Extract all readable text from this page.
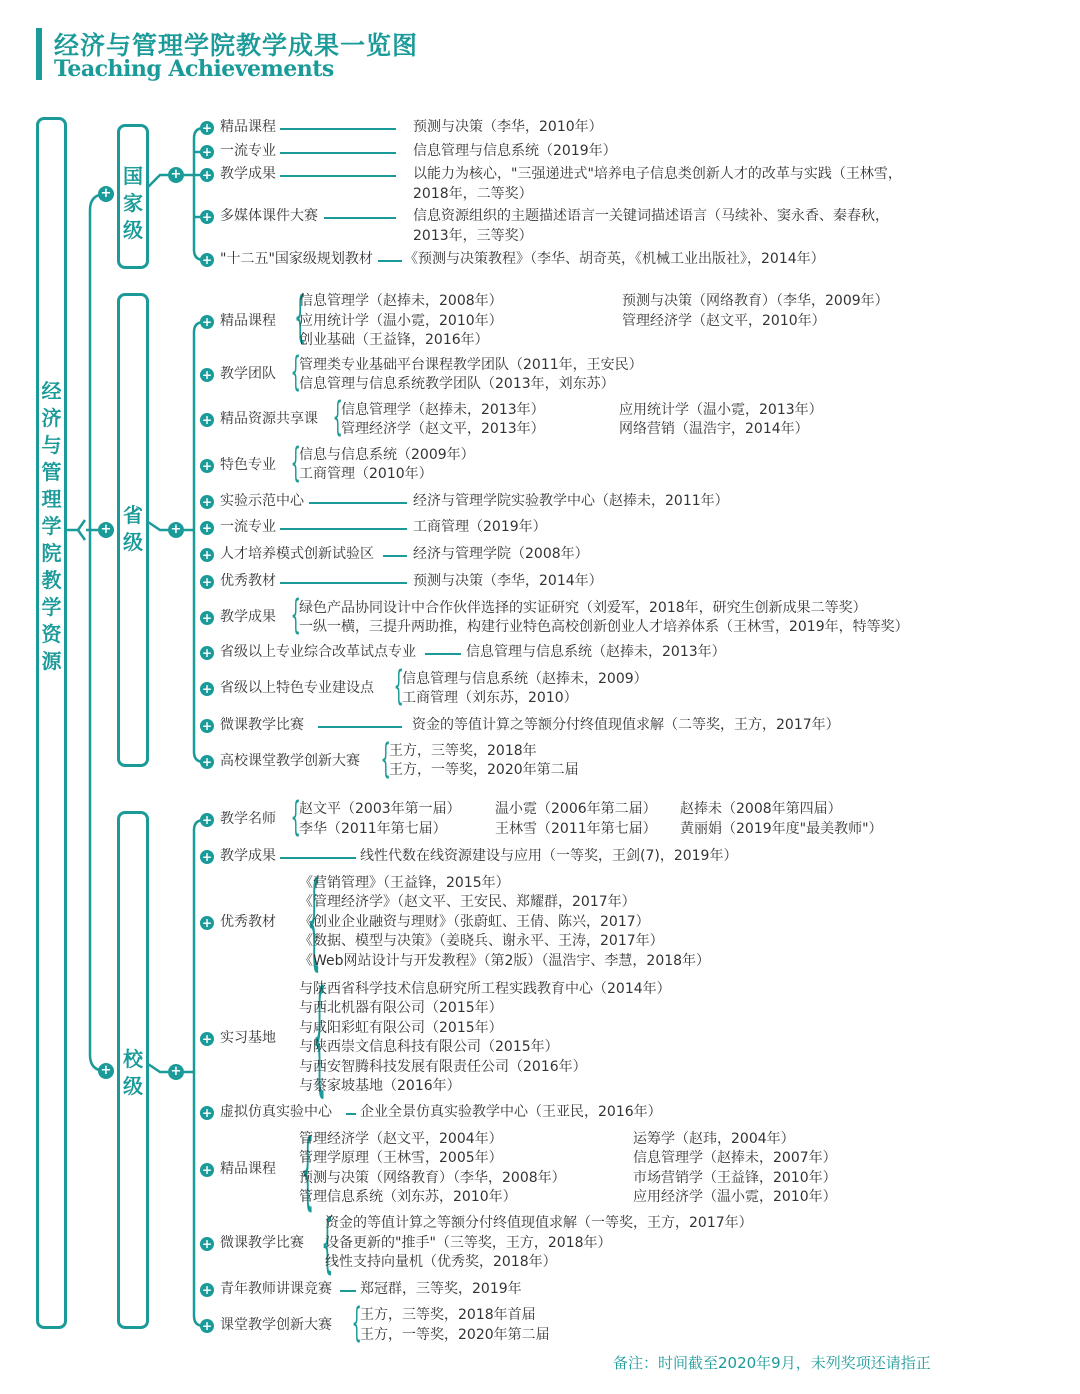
经济与管理学院教学成果一览图
Teaching Achievements
经济与管理学院教学资源
+
+
+
国家级
+
省级
+
校级
+
+ 精品课程	预测与决策（李华，2010年）
+ 一流专业	信息管理与信息系统（2019年）
+ 教学成果	以能力为核心，"三强递进式"培养电子信息类创新人才的改革与实践（王林雪，
2018年，二等奖）
+ 多媒体课件大赛	信息资源组织的主题描述语言一关键词描述语言（马续补、窦永香、秦春秋，
2013年，三等奖）
+ "十二五"国家级规划教材 《预测与决策教程》（李华、胡奇英，《机械工业出版社》，2014年）
+ 精品课程 {
信息管理学（赵捧未，2008年）	预测与决策（网络教育）（李华，2009年）
应用统计学（温小霓，2010年）	管理经济学（赵文平，2010年）
创业基础（王益锋，2016年）
+ 教学团队 {
管理类专业基础平台课程教学团队（2011年，王安民）
信息管理与信息系统教学团队（2013年，刘东苏）
+ 精品资源共享课 {
信息管理学（赵捧未，2013年）	应用统计学（温小霓，2013年）
管理经济学（赵文平，2013年）	网络营销（温浩宇，2014年）
+ 特色专业 {
信息与信息系统（2009年）
工商管理（2010年）
+ 实验示范中心	经济与管理学院实验教学中心（赵捧未，2011年）
+ 一流专业	工商管理（2019年）
+ 人才培养模式创新试验区	经济与管理学院（2008年）
+ 优秀教材	预测与决策（李华，2014年）
+ 教学成果 {
绿色产品协同设计中合作伙伴选择的实证研究（刘爱军，2018年，研究生创新成果二等奖）
一纵一横，三提升两助推，构建行业特色高校创新创业人才培养体系（王林雪，2019年，特等奖）
+ 省级以上专业综合改革试点专业	信息管理与信息系统（赵捧未，2013年）
+ 省级以上特色专业建设点 {
信息管理与信息系统（赵捧未，2009）
工商管理（刘东苏，2010）
+ 微课教学比赛	资金的等值计算之等额分付终值现值求解（二等奖，王方，2017年）
+ 高校课堂教学创新大赛 {
王方，三等奖，2018年
王方，一等奖，2020年第二届
+ 教学名师 {
赵文平（2003年第一届） 温小霓（2006年第二届） 赵捧未（2008年第四届）
李华（2011年第七届）	王林雪（2011年第七届） 黄丽娟（2019年度"最美教师"）
+ 教学成果	线性代数在线资源建设与应用（一等奖，王剑(7)，2019年）
+ 优秀教材 {
《营销管理》（王益锋，2015年）
《管理经济学》（赵文平、王安民、郑耀群，2017年）
《创业企业融资与理财》（张蔚虹、王倩、陈兴，2017）
《数据、模型与决策》（姜晓兵、谢永平、王涛，2017年）
《Web网站设计与开发教程》（第2版）（温浩宇、李慧，2018年）
+ 实习基地 {
与陕西省科学技术信息研究所工程实践教育中心（2014年）
与西北机器有限公司（2015年）
与咸阳彩虹有限公司（2015年）
与陕西崇文信息科技有限公司（2015年）
与西安智腾科技发展有限责任公司（2016年）
与蔡家坡基地（2016年）
+ 虚拟仿真实验中心 企业全景仿真实验教学中心（王亚民，2016年）
+ 精品课程 {
管理经济学（赵文平，2004年）	运筹学（赵玮，2004年）
管理学原理（王林雪，2005年）	信息管理学（赵捧未，2007年）
预测与决策（网络教育）（李华，2008年）	市场营销学（王益锋，2010年）
管理信息系统（刘东苏，2010年）	应用经济学（温小霓，2010年）
+ 微课教学比赛 {
资金的等值计算之等额分付终值现值求解（一等奖，王方，2017年）
设备更新的"推手"（三等奖，王方，2018年）
线性支持向量机（优秀奖，2018年）
+ 青年教师讲课竞赛 郑冠群，三等奖，2019年
+ 课堂教学创新大赛 {
王方，三等奖，2018年首届
王方，一等奖，2020年第二届
备注：时间截至2020年9月，未列奖项还请指正
